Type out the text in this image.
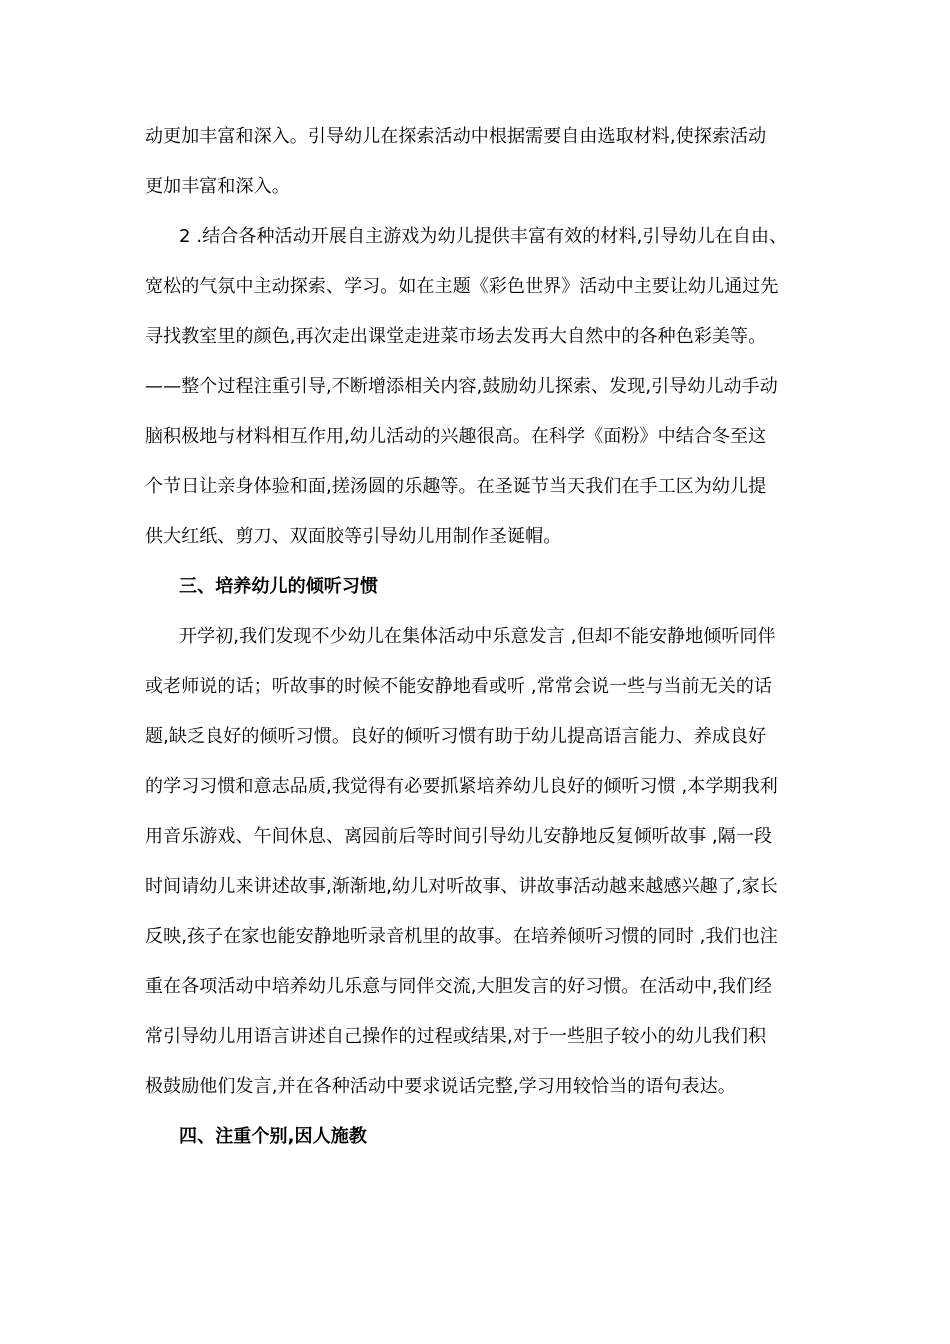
动更加丰富和深入。引导幼儿在探索活动中根据需要自由选取材料,使探索活动
更加丰富和深入。
2 .结合各种活动开展自主游戏为幼儿提供丰富有效的材料,引导幼儿在自由、
宽松的气氛中主动探索、学习。如在主题《彩色世界》活动中主要让幼儿通过先
寻找教室里的颜色,再次走出课堂走进菜市场去发再大自然中的各种色彩美等。
——整个过程注重引导,不断增添相关内容,鼓励幼儿探索、发现,引导幼儿动手动
脑积极地与材料相互作用,幼儿活动的兴趣很高。在科学《面粉》中结合冬至这
个节日让亲身体验和面,搓汤圆的乐趣等。在圣诞节当天我们在手工区为幼儿提
供大红纸、剪刀、双面胶等引导幼儿用制作圣诞帽。
三、培养幼儿的倾听习惯
开学初,我们发现不少幼儿在集体活动中乐意发言 ,但却不能安静地倾听同伴
或老师说的话；听故事的时候不能安静地看或听 ,常常会说一些与当前无关的话
题,缺乏良好的倾听习惯。良好的倾听习惯有助于幼儿提高语言能力、养成良好
的学习习惯和意志品质,我觉得有必要抓紧培养幼儿良好的倾听习惯 ,本学期我利
用音乐游戏、午间休息、离园前后等时间引导幼儿安静地反复倾听故事 ,隔一段
时间请幼儿来讲述故事,渐渐地,幼儿对听故事、讲故事活动越来越感兴趣了,家长
反映,孩子在家也能安静地听录音机里的故事。在培养倾听习惯的同时 ,我们也注
重在各项活动中培养幼儿乐意与同伴交流,大胆发言的好习惯。在活动中,我们经
常引导幼儿用语言讲述自己操作的过程或结果,对于一些胆子较小的幼儿我们积
极鼓励他们发言,并在各种活动中要求说话完整,学习用较恰当的语句表达。
四、注重个别,因人施教
